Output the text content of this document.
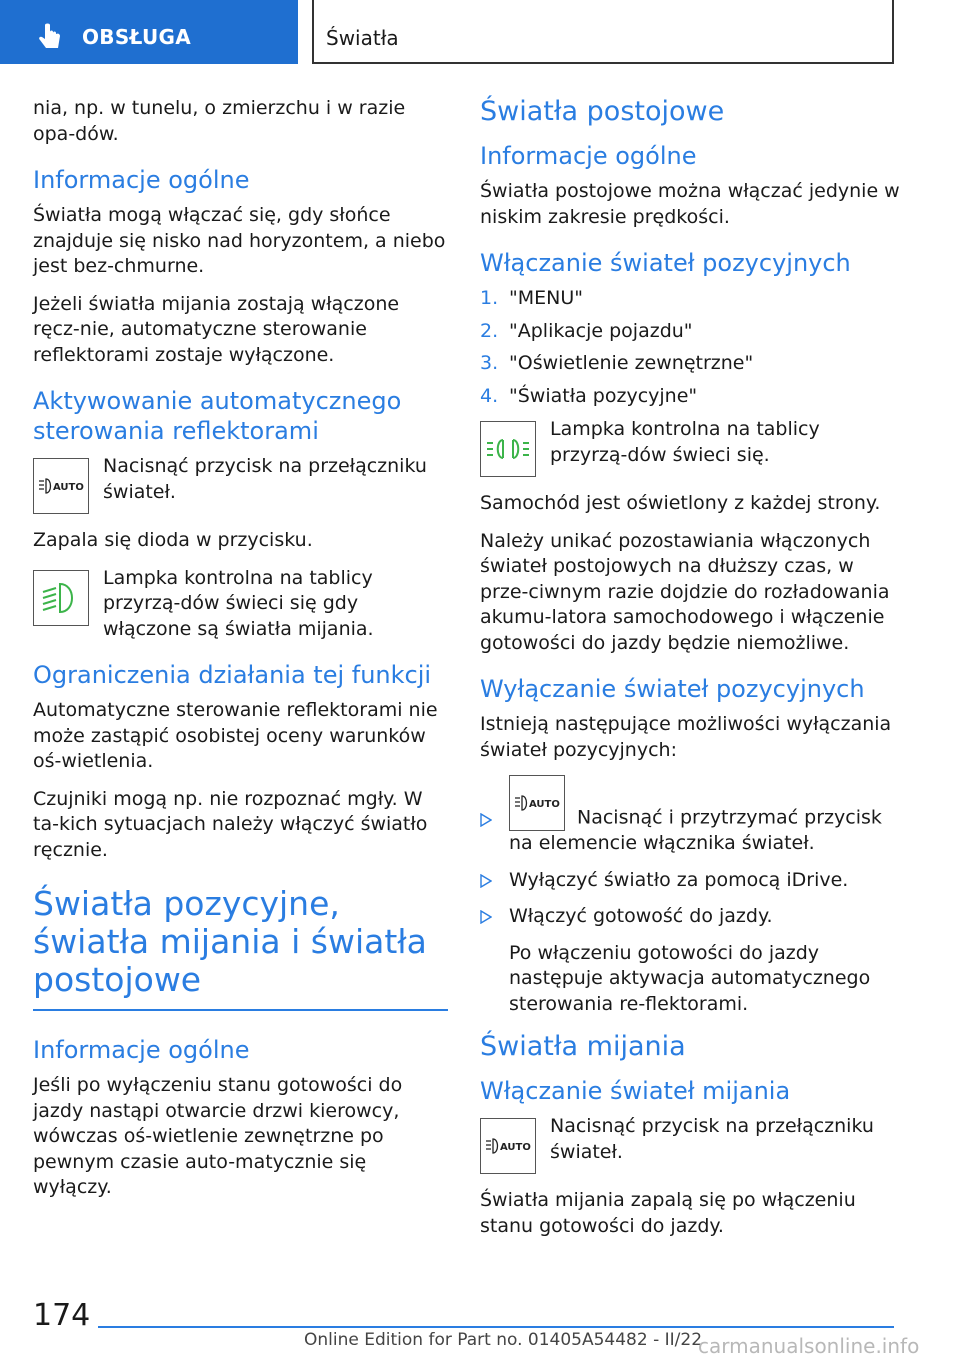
OBSŁUGA	Światła

nia, np. w tunelu, o zmierzchu i w razie opa-dów.

Informacje ogólne

Światła mogą włączać się, gdy słońce znajduje się nisko nad horyzontem, a niebo jest bez-chmurne.

Jeżeli światła mijania zostają włączone ręcz-nie, automatyczne sterowanie reflektorami zostaje wyłączone.

Aktywowanie automatycznego sterowania reflektorami
AUTO

Nacisnąć przycisk na przełączniku świateł.

Zapala się dioda w przycisku.

Lampka kontrolna na tablicy przyrzą-dów świeci się gdy włączone są światła mijania.

Ograniczenia działania tej funkcji

Automatyczne sterowanie reflektorami nie może zastąpić osobistej oceny warunków oś-wietlenia.

Czujniki mogą np. nie rozpoznać mgły. W ta-kich sytuacjach należy włączyć światło ręcznie.

Światła pozycyjne, światła mijania i światła postojowe
Informacje ogólne

Jeśli po wyłączeniu stanu gotowości do jazdy nastąpi otwarcie drzwi kierowcy, wówczas oś-wietlenie zewnętrzne po pewnym czasie auto-matycznie się wyłączy.

Światła postojowe
Informacje ogólne

Światła postojowe można włączać jedynie w niskim zakresie prędkości.

Włączanie świateł pozycyjnych
1. "MENU"
2. "Aplikacje pojazdu"
3. "Oświetlenie zewnętrzne"
4. "Światła pozycyjne"

Lampka kontrolna na tablicy przyrzą-dów świeci się.

Samochód jest oświetlony z każdej strony.

Należy unikać pozostawiania włączonych świateł postojowych na dłuższy czas, w prze-ciwnym razie dojdzie do rozładowania akumu-latora samochodowego i włączenie gotowości do jazdy będzie niemożliwe.

Wyłączanie świateł pozycyjnych

Istnieją następujące możliwości wyłączania świateł pozycyjnych:

AUTO
Nacisnąć i przytrzymać przycisk na elemencie włącznika świateł.
Wyłączyć światło za pomocą iDrive.
Włączyć gotowość do jazdy.

Po włączeniu gotowości do jazdy następuje aktywacja automatycznego sterowania re-flektorami.

Światła mijania
Włączanie świateł mijania
AUTO

Nacisnąć przycisk na przełączniku świateł.

Światła mijania zapalą się po włączeniu stanu gotowości do jazdy.

174
Online Edition for Part no. 01405A54482 - II/22
carmanualsonline.info
